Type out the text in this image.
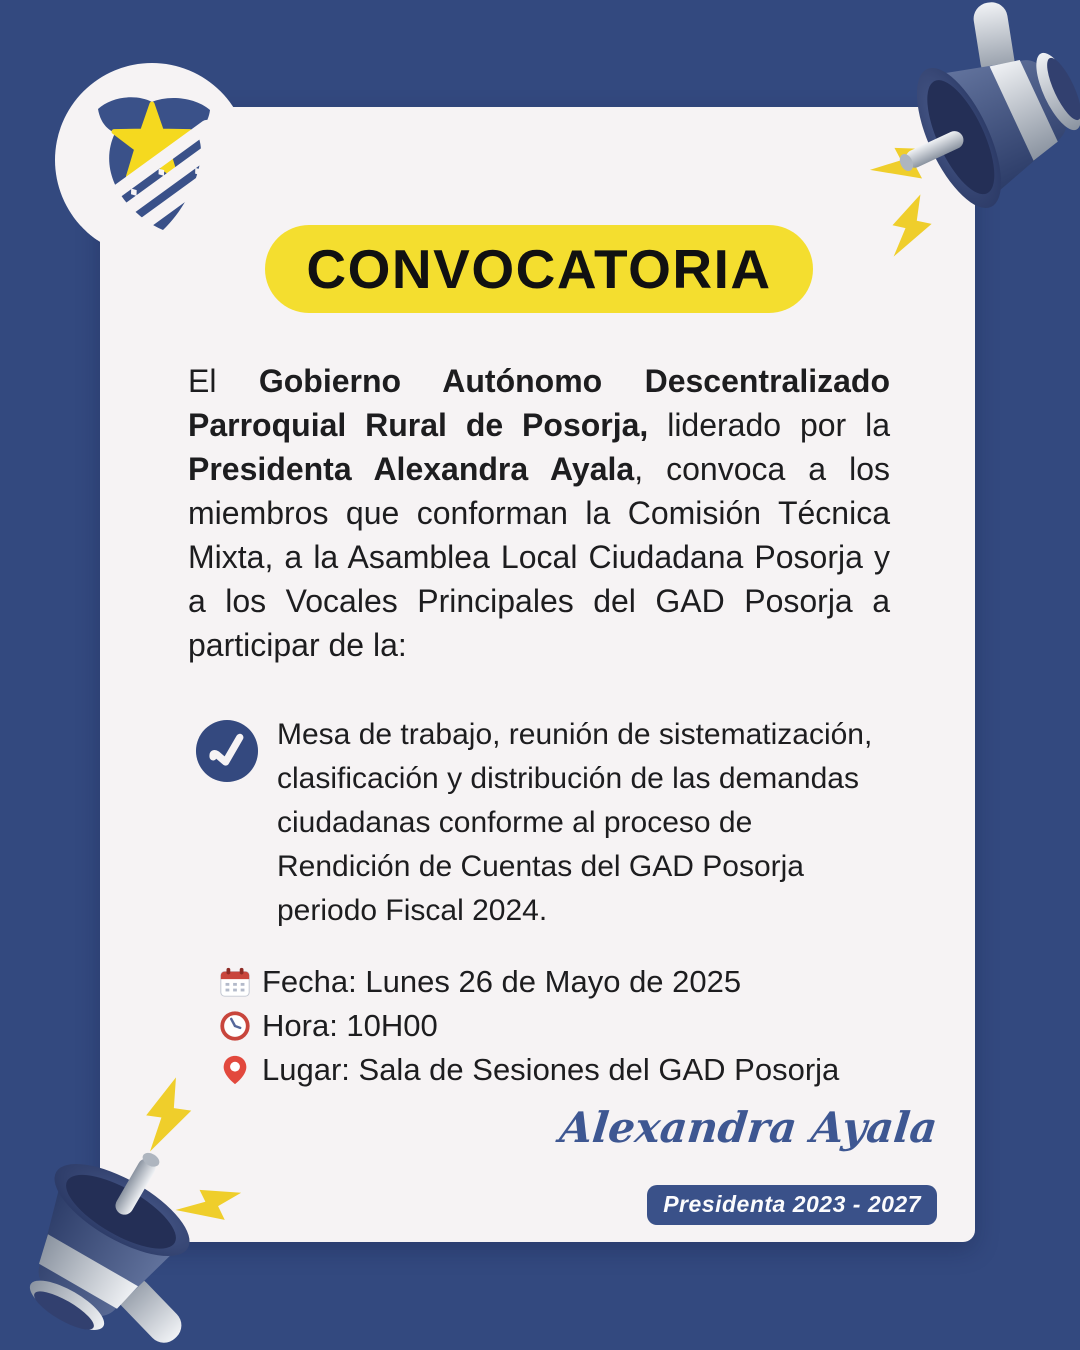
CONVOCATORIA

El Gobierno Autónomo Descentralizado Parroquial Rural de Posorja, liderado por la Presidenta Alexandra Ayala, convoca a los miembros que conforman la Comisión Técnica Mixta, a la Asamblea Local Ciudadana Posorja y a los Vocales Principales del GAD Posorja a participar de la:

Mesa de trabajo, reunión de sistematización,
clasificación y distribución de las demandas
ciudadanas conforme al proceso de
Rendición de Cuentas del GAD Posorja
periodo Fiscal 2024.
Fecha: Lunes 26 de Mayo de 2025
Hora: 10H00
Lugar: Sala de Sesiones del GAD Posorja
Alexandra Ayala
Presidenta 2023 - 2027
